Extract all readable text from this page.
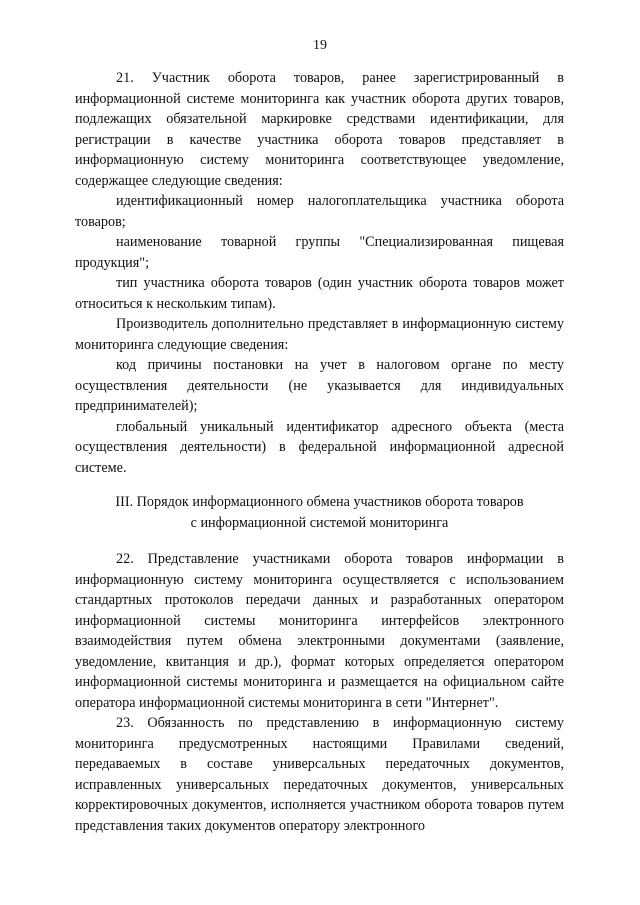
19

21. Участник оборота товаров, ранее зарегистрированный в информационной системе мониторинга как участник оборота других товаров, подлежащих обязательной маркировке средствами идентификации, для регистрации в качестве участника оборота товаров представляет в информационную систему мониторинга соответствующее уведомление, содержащее следующие сведения:

идентификационный номер налогоплательщика участника оборота товаров;

наименование товарной группы "Специализированная пищевая продукция";

тип участника оборота товаров (один участник оборота товаров может относиться к нескольким типам).

Производитель дополнительно представляет в информационную систему мониторинга следующие сведения:

код причины постановки на учет в налоговом органе по месту осуществления деятельности (не указывается для индивидуальных предпринимателей);

глобальный уникальный идентификатор адресного объекта (места осуществления деятельности) в федеральной информационной адресной системе.

III. Порядок информационного обмена участников оборота товаров
с информационной системой мониторинга

22. Представление участниками оборота товаров информации в информационную систему мониторинга осуществляется с использованием стандартных протоколов передачи данных и разработанных оператором информационной системы мониторинга интерфейсов электронного взаимодействия путем обмена электронными документами (заявление, уведомление, квитанция и др.), формат которых определяется оператором информационной системы мониторинга и размещается на официальном сайте оператора информационной системы мониторинга в сети "Интернет".

23. Обязанность по представлению в информационную систему мониторинга предусмотренных настоящими Правилами сведений, передаваемых в составе универсальных передаточных документов, исправленных универсальных передаточных документов, универсальных корректировочных документов, исполняется участником оборота товаров путем представления таких документов оператору электронного
